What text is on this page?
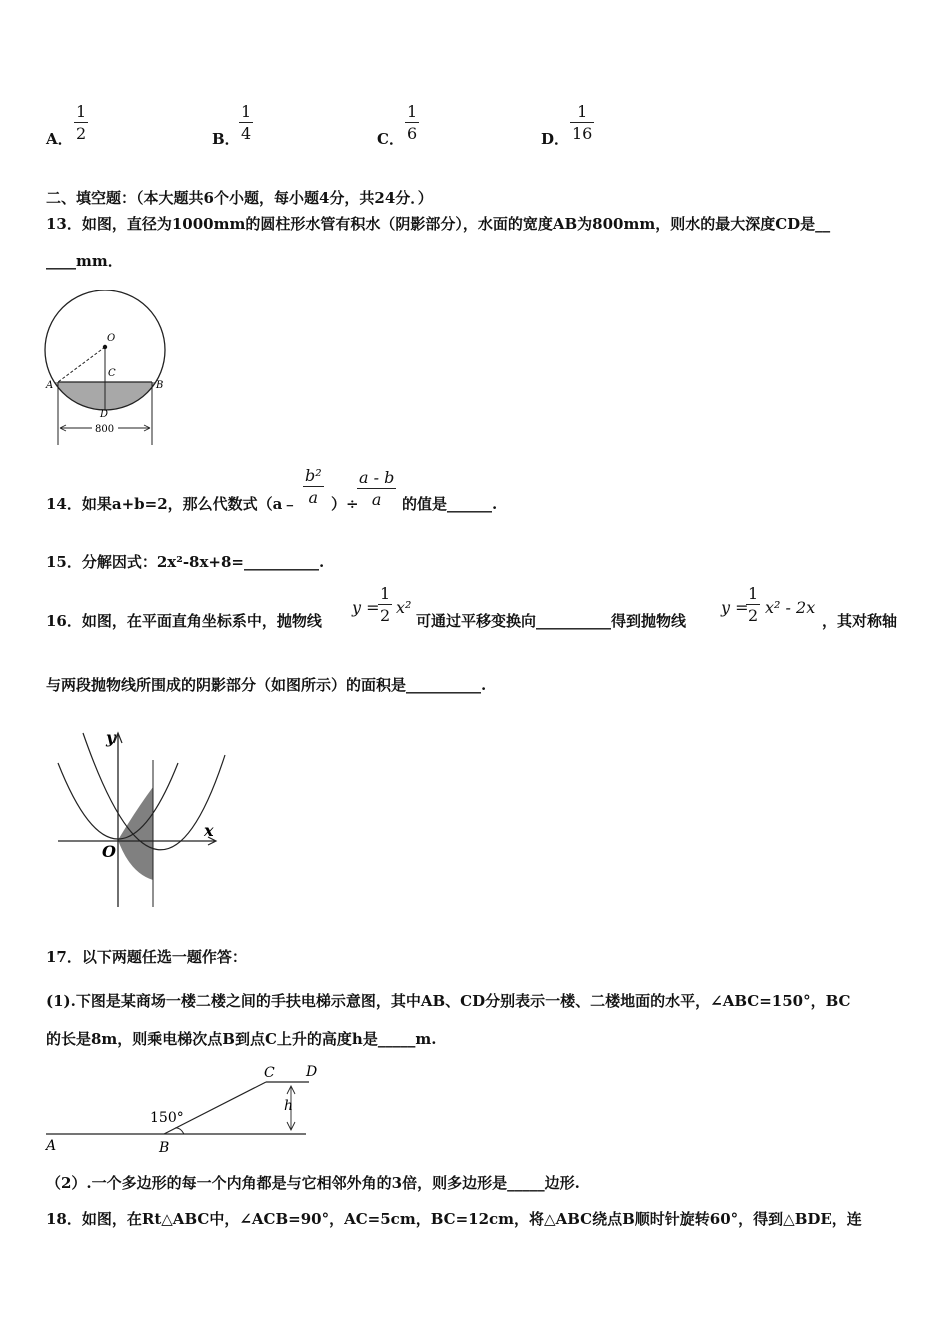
A．
1
2	B．
1
4	C．
1
6	D．
1
16
二、填空题：（本大题共6个小题，每小题4分，共24分．）
13．如图，直径为1000mm的圆柱形水管有积水（阴影部分），水面的宽度AB为800mm，则水的最大深度CD是__
____mm．
O
C
A	B
D
800
14．如果a+b=2，那么代数式（a﹣
b²
a ）÷
a - b
a	的值是______.
15．分解因式：2x²-8x+8=__________.
16．如图，在平面直角坐标系中，抛物线
y =
1
2 x²
可通过平移变换向__________得到抛物线
y =
1
2 x² - 2x
，其对称轴
与两段抛物线所围成的阴影部分（如图所示）的面积是__________.
y
x
O
17．以下两题任选一题作答：
(1).下图是某商场一楼二楼之间的手扶电梯示意图，其中AB、CD分别表示一楼、二楼地面的水平，∠ABC=150°，BC
的长是8m，则乘电梯次点B到点C上升的高度h是_____m.
A	B
C D
h
150°
（2）.一个多边形的每一个内角都是与它相邻外角的3倍，则多边形是_____边形.
18．如图，在Rt△ABC中，∠ACB=90°，AC=5cm，BC=12cm，将△ABC绕点B顺时针旋转60°，得到△BDE，连
